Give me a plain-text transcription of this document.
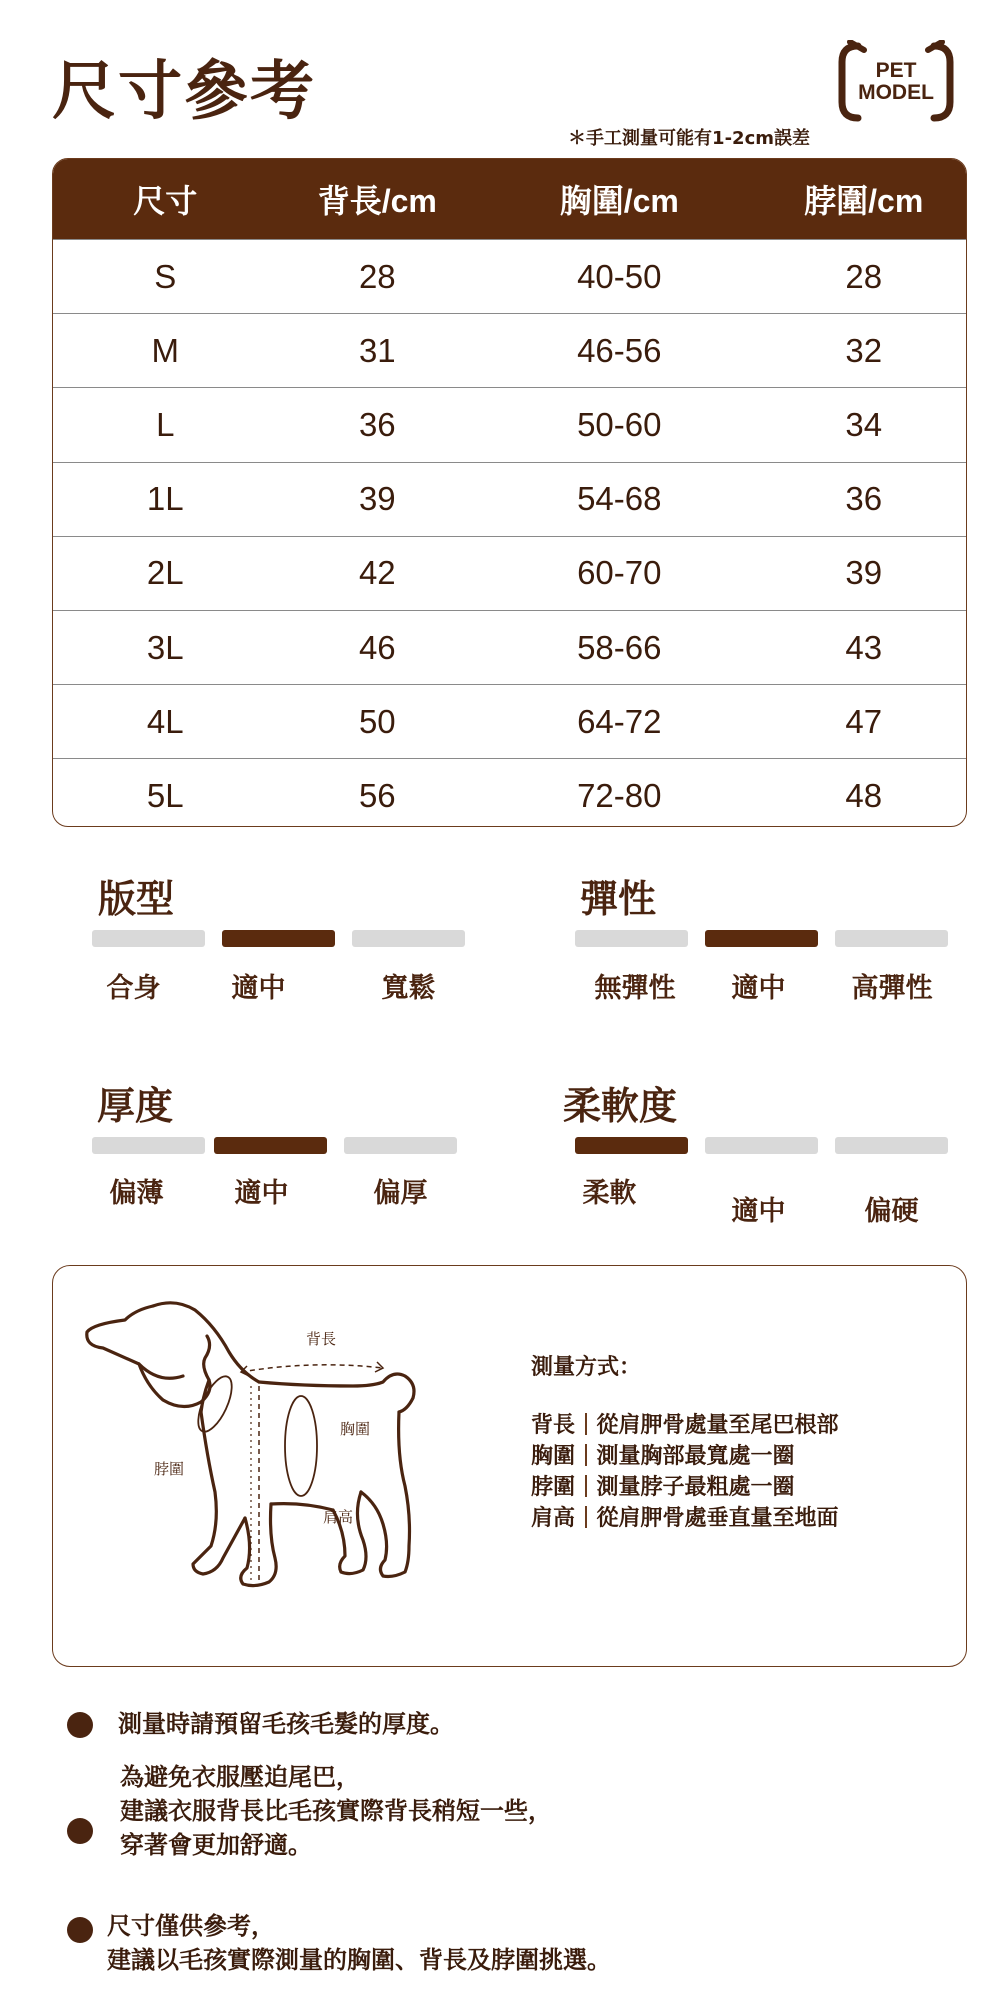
尺寸參考	PET
MODEL
＊手工測量可能有1-2cm誤差
尺寸	背長/cm	胸圍/cm	脖圍/cm
S	28	40-50	28
M	31	46-56	32
L	36	50-60	34
1L	39	54-68	36
2L	42	60-70	39
3L	46	58-66	43
4L	50	64-72	47
5L	56	72-80	48
版型
合身	適中	寬鬆
彈性
無彈性	適中	高彈性
厚度
偏薄	適中	偏厚
柔軟度
柔軟
適中	偏硬
背長
胸圍
脖圍
肩高
測量方式：
背長 從肩胛骨處量至尾巴根部
胸圍 測量胸部最寬處一圈
脖圍 測量脖子最粗處一圈
肩高 從肩胛骨處垂直量至地面
測量時請預留毛孩毛髮的厚度。
為避免衣服壓迫尾巴，
建議衣服背長比毛孩實際背長稍短一些，
穿著會更加舒適。
尺寸僅供參考，
建議以毛孩實際測量的胸圍、背長及脖圍挑選。
